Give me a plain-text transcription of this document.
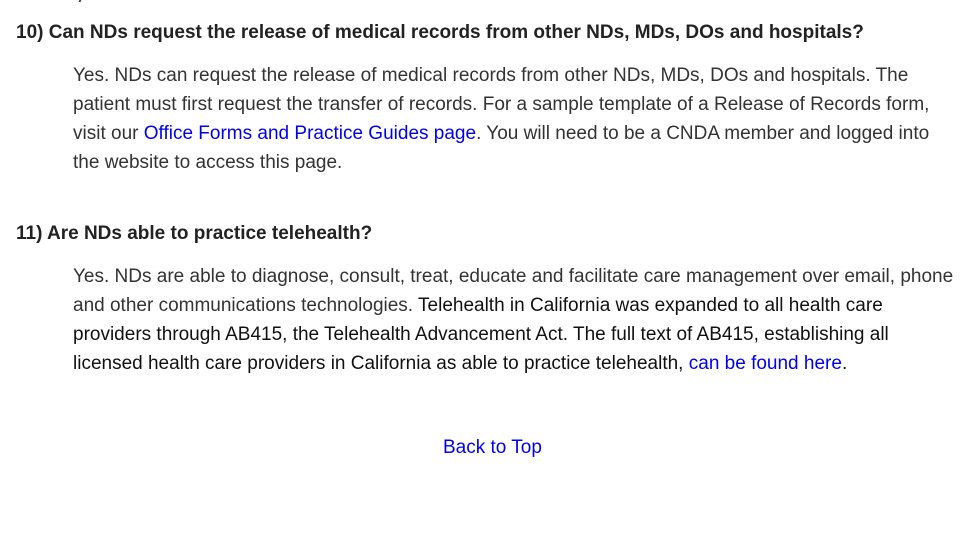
10) Can NDs request the release of medical records from other NDs, MDs, DOs and hospitals?

Yes. NDs can request the release of medical records from other NDs, MDs, DOs and hospitals. The patient must first request the transfer of records. For a sample template of a Release of Records form, visit our Office Forms and Practice Guides page. You will need to be a CNDA member and logged into the website to access this page.

11) Are NDs able to practice telehealth?

Yes. NDs are able to diagnose, consult, treat, educate and facilitate care management over email, phone and other communications technologies. Telehealth in California was expanded to all health care providers through AB415, the Telehealth Advancement Act. The full text of AB415, establishing all licensed health care providers in California as able to practice telehealth, can be found here.

Back to Top
